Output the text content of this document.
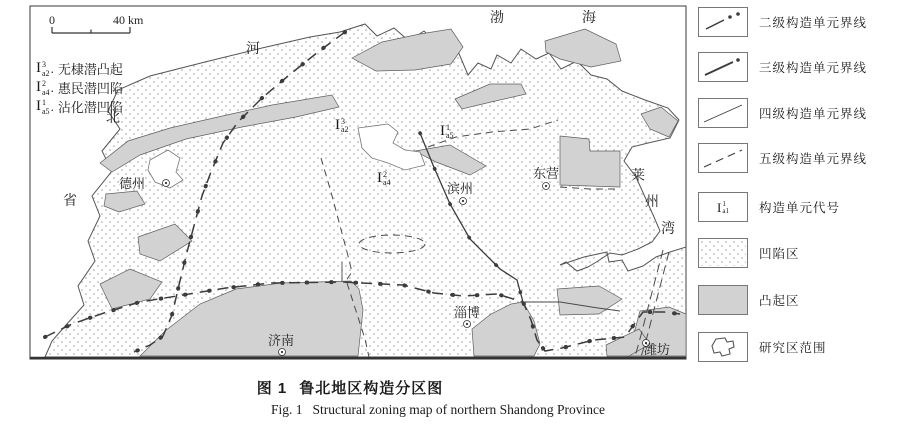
德州	滨州
东营
济南
淄博
潍坊
渤	海
河
北
省
莱
州
湾
0	40 km
I 3
a2 . 无棣潜凸起
I 2
a4 . 惠民潜凹陷
I 1
a5 . 沾化潜凹陷
I 3
a2	I 1
a5
I 2
a4
二级构造单元界线
三级构造单元界线
四级构造单元界线
五级构造单元界线
I 1
a1 构造单元代号
凹陷区
凸起区
研究区范围
图 1 鲁北地区构造分区图
Fig. 1 Structural zoning map of northern Shandong Province
